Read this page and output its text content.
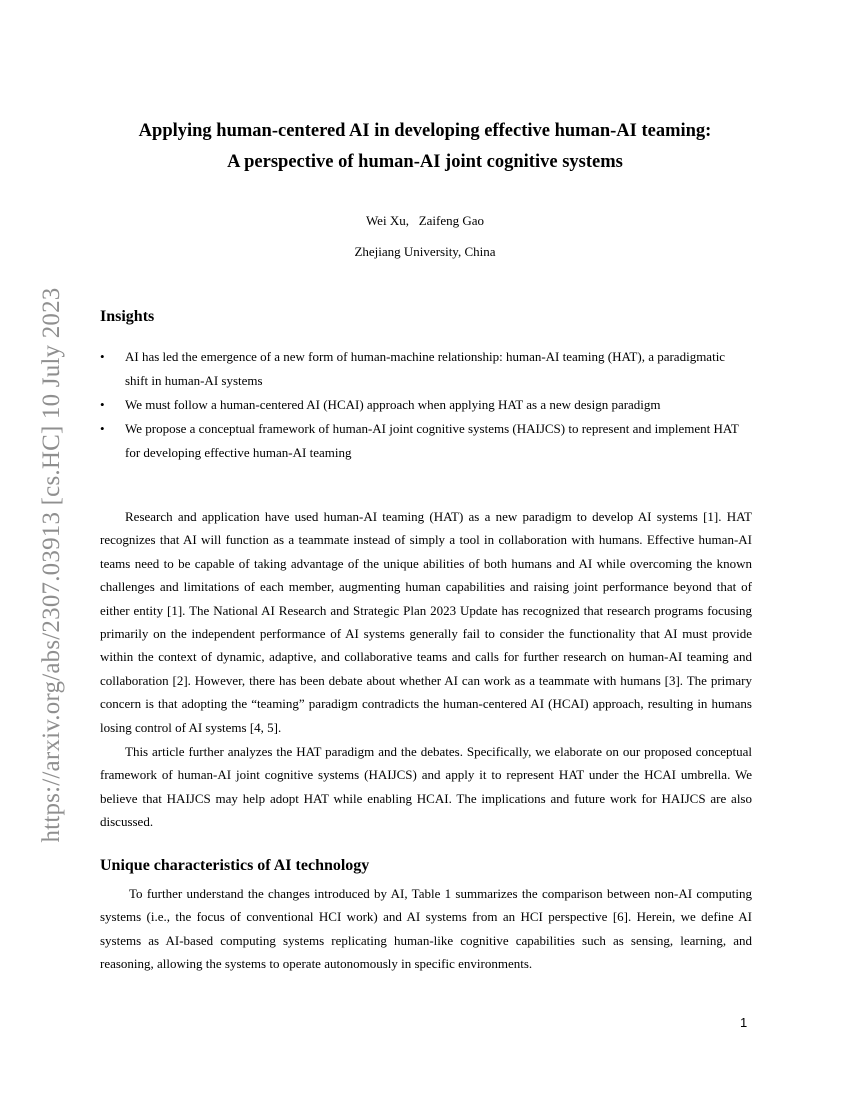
https://arxiv.org/abs/2307.03913 [cs.HC] 10 July 2023
Applying human-centered AI in developing effective human-AI teaming:
A perspective of human-AI joint cognitive systems
Wei Xu,   Zaifeng Gao
Zhejiang University, China
Insights
• AI has led the emergence of a new form of human-machine relationship: human-AI teaming (HAT), a paradigmatic shift in human-AI systems
• We must follow a human-centered AI (HCAI) approach when applying HAT as a new design paradigm
• We propose a conceptual framework of human-AI joint cognitive systems (HAIJCS) to represent and implement HAT for developing effective human-AI teaming

Research and application have used human-AI teaming (HAT) as a new paradigm to develop AI systems [1]. HAT recognizes that AI will function as a teammate instead of simply a tool in collaboration with humans. Effective human-AI teams need to be capable of taking advantage of the unique abilities of both humans and AI while overcoming the known challenges and limitations of each member, augmenting human capabilities and raising joint performance beyond that of either entity [1]. The National AI Research and Strategic Plan 2023 Update has recognized that research programs focusing primarily on the independent performance of AI systems generally fail to consider the functionality that AI must provide within the context of dynamic, adaptive, and collaborative teams and calls for further research on human-AI teaming and collaboration [2]. However, there has been debate about whether AI can work as a teammate with humans [3]. The primary concern is that adopting the “teaming” paradigm contradicts the human-centered AI (HCAI) approach, resulting in humans losing control of AI systems [4, 5].

This article further analyzes the HAT paradigm and the debates. Specifically, we elaborate on our proposed conceptual framework of human-AI joint cognitive systems (HAIJCS) and apply it to represent HAT under the HCAI umbrella. We believe that HAIJCS may help adopt HAT while enabling HCAI. The implications and future work for HAIJCS are also discussed.

Unique characteristics of AI technology

To further understand the changes introduced by AI, Table 1 summarizes the comparison between non-AI computing systems (i.e., the focus of conventional HCI work) and AI systems from an HCI perspective [6]. Herein, we define AI systems as AI-based computing systems replicating human-like cognitive capabilities such as sensing, learning, and reasoning, allowing the systems to operate autonomously in specific environments.

1
